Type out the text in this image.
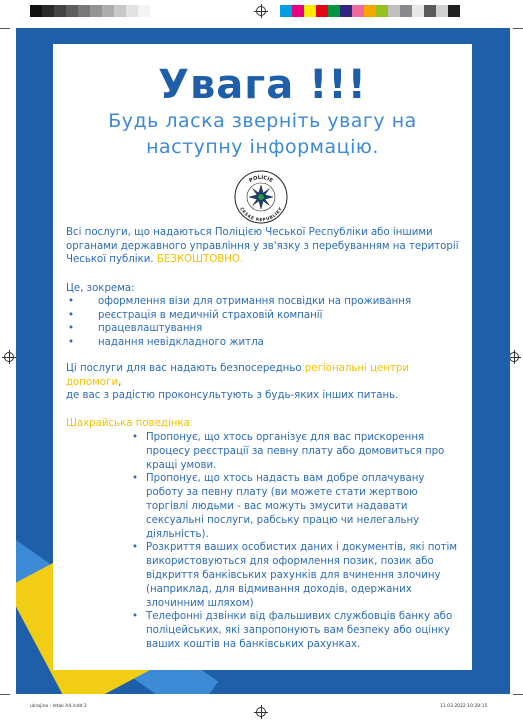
Увага !!!
Будь ласка зверніть увагу на наступну інформацію.
POLICIE
ČESKÉ REPUBLIKY
Всі послуги, що надаються Поліцією Чеської Республіки або іншими органами державного управління у зв'язку з перебуванням на території Чеської публіки. БЕЗКОШТОВНО.
Це, зокрема:
• оформлення візи для отримання посвідки на проживання
• реєстрація в медичній страховій компанії
• працевлаштування
• надання невідкладного житла
Ці послуги для вас надають безпосередньо регіональні центри допомоги,
де вас з радістю проконсультують з будь-яких інших питань.
Шахрайська поведінка
• Пропонує, що хтось організує для вас прискорення процесу реєстрації за певну плату або домовиться про кращі умови.
• Пропонує, що хтось надасть вам добре оплачувану роботу за певну плату (ви можете стати жертвою торгівлі людьми - вас можуть змусити надавати сексуальні послуги, рабську працю чи нелегальну діяльність).
• Розкриття ваших особистих даних і документів, які потім використовуються для оформлення позик, позик або відкриття банківських рахунків для вчинення злочину (наприклад, для відмивання доходів, одержаних злочинним шляхом)
• Телефонні дзвінки від фальшивих службовців банку або поліцейських, які запропонують вам безпеку або оцінку ваших коштів на банківських рахунках.
ukrajina - letak A4.indd 2	11.03.2022 10:29:15
